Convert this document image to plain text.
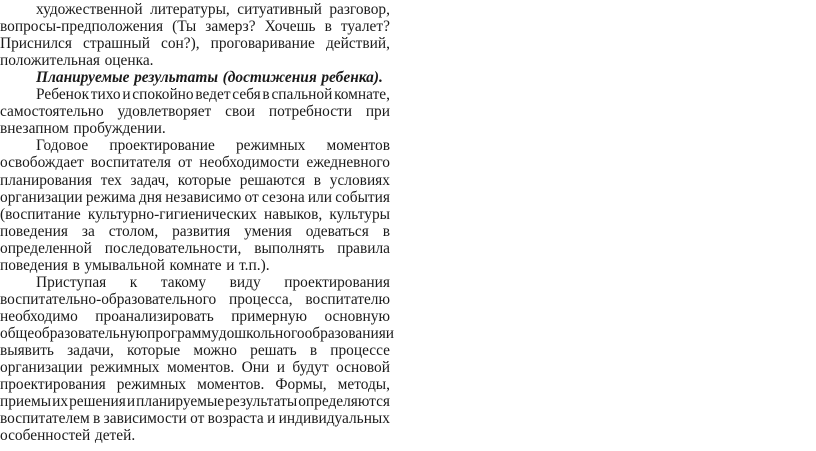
художественной литературы, ситуативный разговор,
вопросы-предположения (Ты замерз? Хочешь в туалет?
Приснился страшный сон?), проговаривание действий,
положительная оценка.
Планируемые результаты (достижения ребенка).
Ребенок тихо и спокойно ведет себя в спальной комнате,
самостоятельно удовлетворяет свои потребности при
внезапном пробуждении.
Годовое проектирование режимных моментов
освобождает воспитателя от необходимости ежедневного
планирования тех задач, которые решаются в условиях
организации режима дня независимо от сезона или события
(воспитание культурно-гигиенических навыков, культуры
поведения за столом, развития умения одеваться в
определенной последовательности, выполнять правила
поведения в умывальной комнате и т.п.).
Приступая к такому виду проектирования
воспитательно-образовательного процесса, воспитателю
необходимо проанализировать примерную основную
общеобразовательную программу дошкольного образования и
выявить задачи, которые можно решать в процессе
организации режимных моментов. Они и будут основой
проектирования режимных моментов. Формы, методы,
приемы их решения и планируемые результаты определяются
воспитателем в зависимости от возраста и индивидуальных
особенностей детей.
